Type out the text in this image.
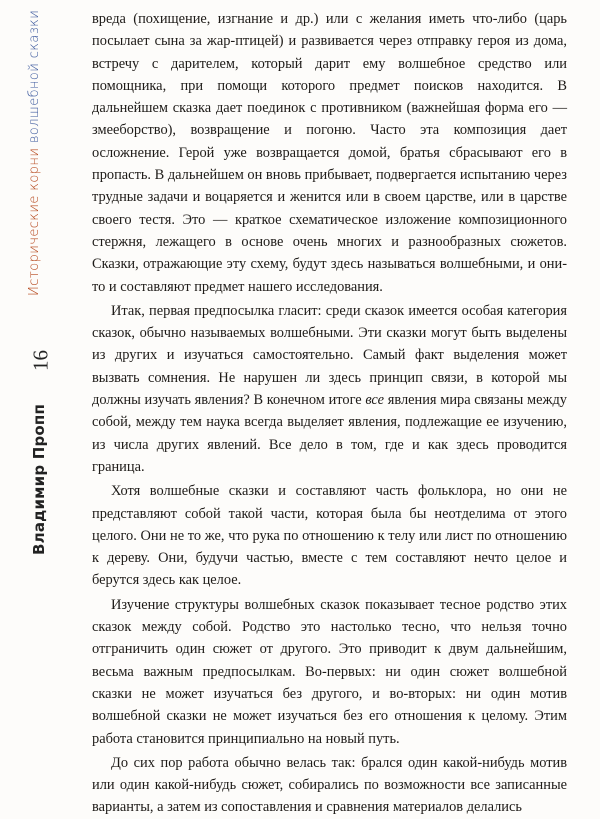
Исторические корни волшебной сказки
16
Владимир Пропп

вреда (похищение, изгнание и др.) или с желания иметь что-либо (царь посылает сына за жар-птицей) и развивается через отправку героя из дома, встречу с дарителем, который дарит ему волшебное средство или помощника, при помощи которого предмет поисков находится. В дальнейшем сказка дает поединок с противником (важнейшая форма его — змееборство), возвращение и погоню. Часто эта композиция дает осложнение. Герой уже возвращается домой, братья сбрасывают его в пропасть. В дальнейшем он вновь прибывает, подвергается испытанию через трудные задачи и воцаряется и женится или в своем царстве, или в царстве своего тестя. Это — краткое схематическое изложение композиционного стержня, лежащего в основе очень многих и разнообразных сюжетов. Сказки, отражающие эту схему, будут здесь называться волшебными, и они-то и составляют предмет нашего исследования.

Итак, первая предпосылка гласит: среди сказок имеется особая категория сказок, обычно называемых волшебными. Эти сказки могут быть выделены из других и изучаться самостоятельно. Самый факт выделения может вызвать сомнения. Не нарушен ли здесь принцип связи, в которой мы должны изучать явления? В конечном итоге все явления мира связаны между собой, между тем наука всегда выделяет явления, подлежащие ее изучению, из числа других явлений. Все дело в том, где и как здесь проводится граница.

Хотя волшебные сказки и составляют часть фольклора, но они не представляют собой такой части, которая была бы неотделима от этого целого. Они не то же, что рука по отношению к телу или лист по отношению к дереву. Они, будучи частью, вместе с тем составляют нечто целое и берутся здесь как целое.

Изучение структуры волшебных сказок показывает тесное родство этих сказок между собой. Родство это настолько тесно, что нельзя точно отграничить один сюжет от другого. Это приводит к двум дальнейшим, весьма важным предпосылкам. Во-первых: ни один сюжет волшебной сказки не может изучаться без другого, и во-вторых: ни один мотив волшебной сказки не может изучаться без его отношения к целому. Этим работа становится принципиально на новый путь.

До сих пор работа обычно велась так: брался один какой-нибудь мотив или один какой-нибудь сюжет, собирались по возможности все записанные варианты, а затем из сопоставления и сравнения материалов делались
